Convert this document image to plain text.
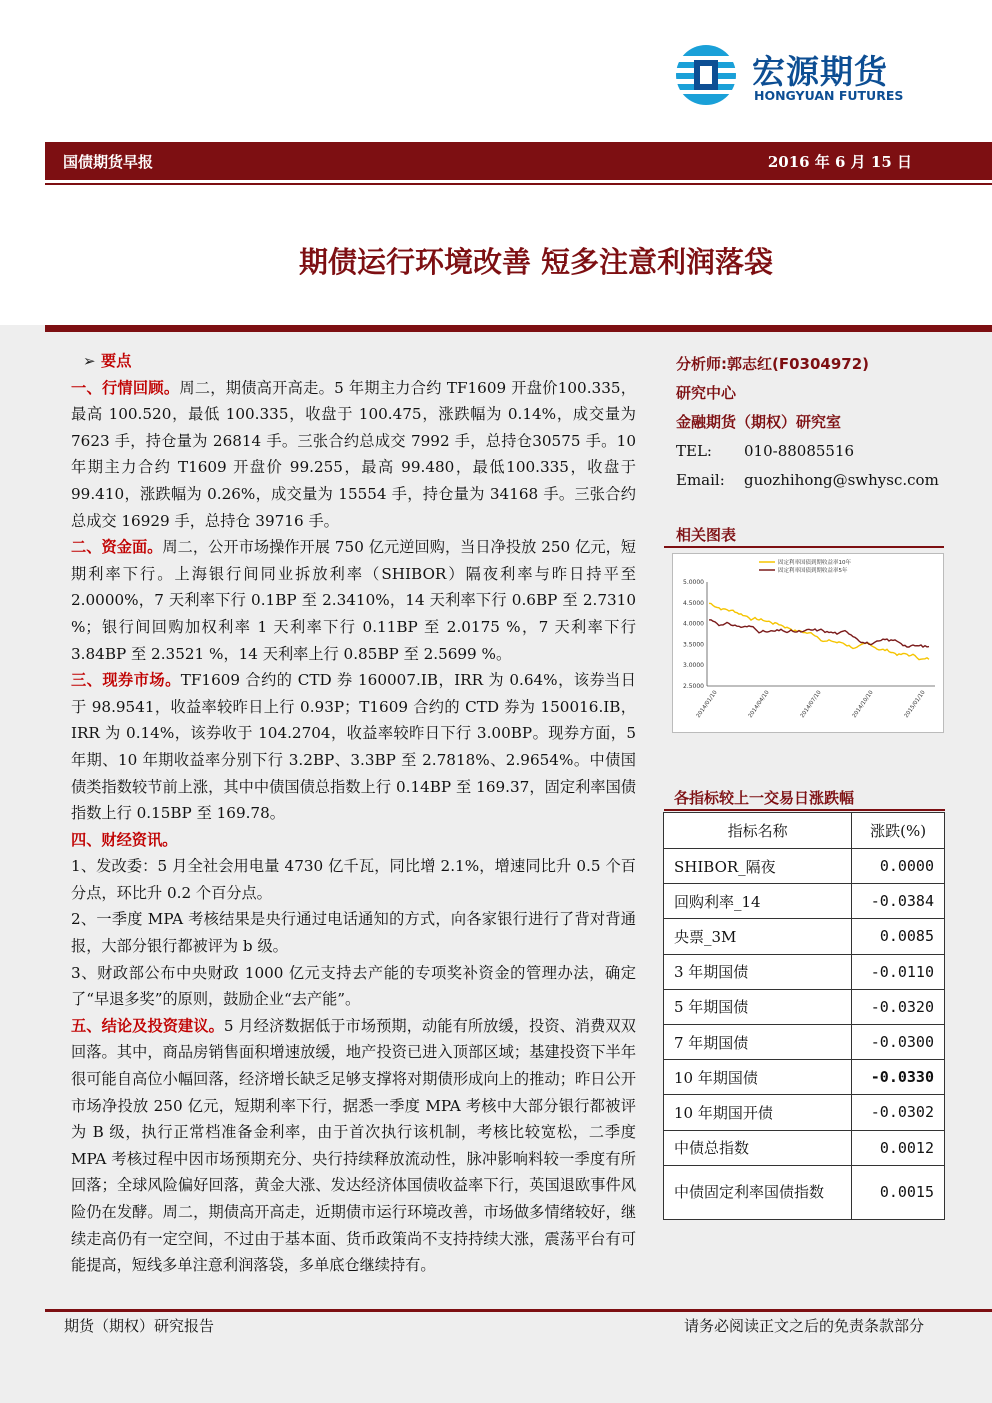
宏源期货
HONGYUAN FUTURES
国债期货早报	2016 年 6 月 15 日
期债运行环境改善 短多注意利润落袋

➢ 要点

一、行情回顾。周二，期债高开高走。5 年期主力合约 TF1609 开盘价100.335，最高 100.520，最低 100.335，收盘于 100.475，涨跌幅为 0.14%，成交量为 7623 手，持仓量为 26814 手。三张合约总成交 7992 手，总持仓30575 手。10 年期主力合约 T1609 开盘价 99.255，最高 99.480，最低100.335，收盘于 99.410，涨跌幅为 0.26%，成交量为 15554 手，持仓量为 34168 手。三张合约总成交 16929 手，总持仓 39716 手。

二、资金面。周二，公开市场操作开展 750 亿元逆回购，当日净投放 250 亿元，短期利率下行。上海银行间同业拆放利率（SHIBOR）隔夜利率与昨日持平至 2.0000%，7 天利率下行 0.1BP 至 2.3410%，14 天利率下行 0.6BP 至 2.7310 %；银行间回购加权利率 1 天利率下行 0.11BP 至 2.0175 %，7 天利率下行 3.84BP 至 2.3521 %，14 天利率上行 0.85BP 至 2.5699 %。

三、现券市场。TF1609 合约的 CTD 券 160007.IB，IRR 为 0.64%，该券当日于 98.9541，收益率较昨日上行 0.93P；T1609 合约的 CTD 券为 150016.IB，IRR 为 0.14%，该券收于 104.2704，收益率较昨日下行 3.00BP。现券方面，5 年期、10 年期收益率分别下行 3.2BP、3.3BP 至 2.7818%、2.9654%。中债国债类指数较节前上涨，其中中债国债总指数上行 0.14BP 至 169.37，固定利率国债指数上行 0.15BP 至 169.78。

四、财经资讯。

1、发改委：5 月全社会用电量 4730 亿千瓦，同比增 2.1%，增速同比升 0.5 个百分点，环比升 0.2 个百分点。

2、一季度 MPA 考核结果是央行通过电话通知的方式，向各家银行进行了背对背通报，大部分银行都被评为 b 级。

3、财政部公布中央财政 1000 亿元支持去产能的专项奖补资金的管理办法，确定了“早退多奖”的原则，鼓励企业“去产能”。

五、结论及投资建议。5 月经济数据低于市场预期，动能有所放缓，投资、消费双双回落。其中，商品房销售面积增速放缓，地产投资已进入顶部区域；基建投资下半年很可能自高位小幅回落，经济增长缺乏足够支撑将对期债形成向上的推动；昨日公开市场净投放 250 亿元，短期利率下行，据悉一季度 MPA 考核中大部分银行都被评为 B 级，执行正常档准备金利率，由于首次执行该机制，考核比较宽松，二季度 MPA 考核过程中因市场预期充分、央行持续释放流动性，脉冲影响料较一季度有所回落；全球风险偏好回落，黄金大涨、发达经济体国债收益率下行，英国退欧事件风险仍在发酵。周二，期债高开高走，近期债市运行环境改善，市场做多情绪较好，继续走高仍有一定空间，不过由于基本面、货币政策尚不支持持续大涨，震荡平台有可能提高，短线多单注意利润落袋，多单底仓继续持有。

分析师:郭志红(F0304972)
研究中心
金融期货（期权）研究室
TEL:	010-88085516
Email:	guozhihong@swhysc.com
相关图表
5.0000
4.5000
4.0000
3.5000
3.0000
2.5000
2014/01/10	2014/04/10	2014/07/10	2014/10/10	2015/01/10
固定利率国债到期收益率10年
固定利率国债到期收益率5年
各指标较上一交易日涨跌幅
指标名称	涨跌(%)
SHIBOR_隔夜	0.0000
回购利率_14	-0.0384
央票_3M	0.0085
3 年期国债	-0.0110
5 年期国债	-0.0320
7 年期国债	-0.0300
10 年期国债	-0.0330
10 年期国开债	-0.0302
中债总指数	0.0012
中债固定利率国债指数	0.0015
期货（期权）研究报告	请务必阅读正文之后的免责条款部分
